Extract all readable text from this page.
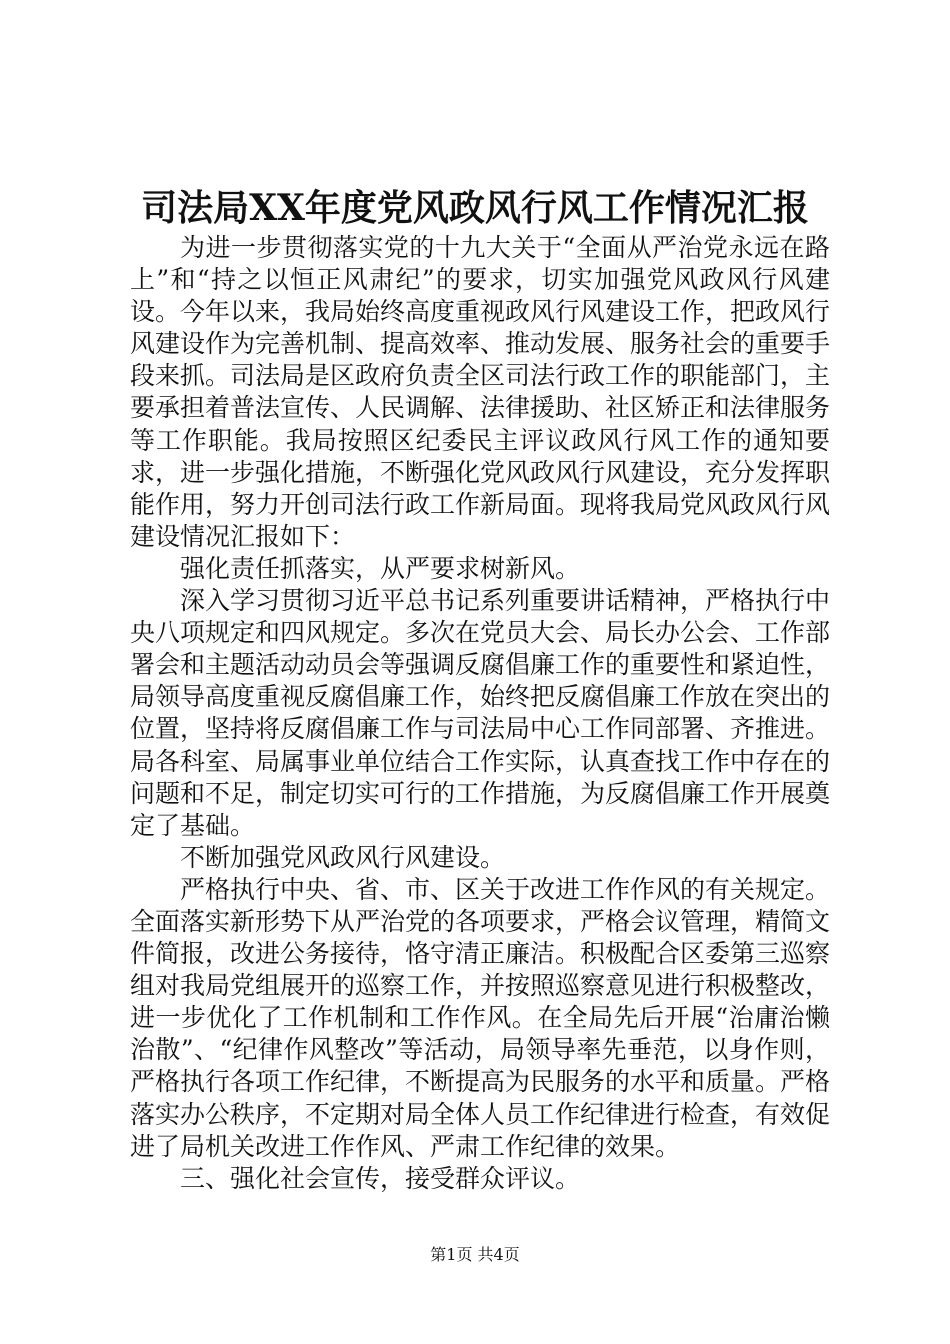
司法局XX年度党风政风行风工作情况汇报

为进一步贯彻落实党的十九大关于“全面从严治党永远在路上”和“持之以恒正风肃纪”的要求，切实加强党风政风行风建设。今年以来，我局始终高度重视政风行风建设工作，把政风行风建设作为完善机制、提高效率、推动发展、服务社会的重要手段来抓。司法局是区政府负责全区司法行政工作的职能部门，主要承担着普法宣传、人民调解、法律援助、社区矫正和法律服务等工作职能。我局按照区纪委民主评议政风行风工作的通知要求，进一步强化措施，不断强化党风政风行风建设，充分发挥职能作用，努力开创司法行政工作新局面。现将我局党风政风行风建设情况汇报如下：

强化责任抓落实，从严要求树新风。

深入学习贯彻习近平总书记系列重要讲话精神，严格执行中央八项规定和四风规定。多次在党员大会、局长办公会、工作部署会和主题活动动员会等强调反腐倡廉工作的重要性和紧迫性，局领导高度重视反腐倡廉工作，始终把反腐倡廉工作放在突出的位置，坚持将反腐倡廉工作与司法局中心工作同部署、齐推进。局各科室、局属事业单位结合工作实际，认真查找工作中存在的问题和不足，制定切实可行的工作措施，为反腐倡廉工作开展奠定了基础。

不断加强党风政风行风建设。

严格执行中央、省、市、区关于改进工作作风的有关规定。全面落实新形势下从严治党的各项要求，严格会议管理，精简文件简报，改进公务接待，恪守清正廉洁。积极配合区委第三巡察组对我局党组展开的巡察工作，并按照巡察意见进行积极整改，进一步优化了工作机制和工作作风。在全局先后开展“治庸治懒治散”、“纪律作风整改”等活动，局领导率先垂范，以身作则，严格执行各项工作纪律，不断提高为民服务的水平和质量。严格落实办公秩序，不定期对局全体人员工作纪律进行检查，有效促进了局机关改进工作作风、严肃工作纪律的效果。

三、强化社会宣传，接受群众评议。

第1页 共4页
